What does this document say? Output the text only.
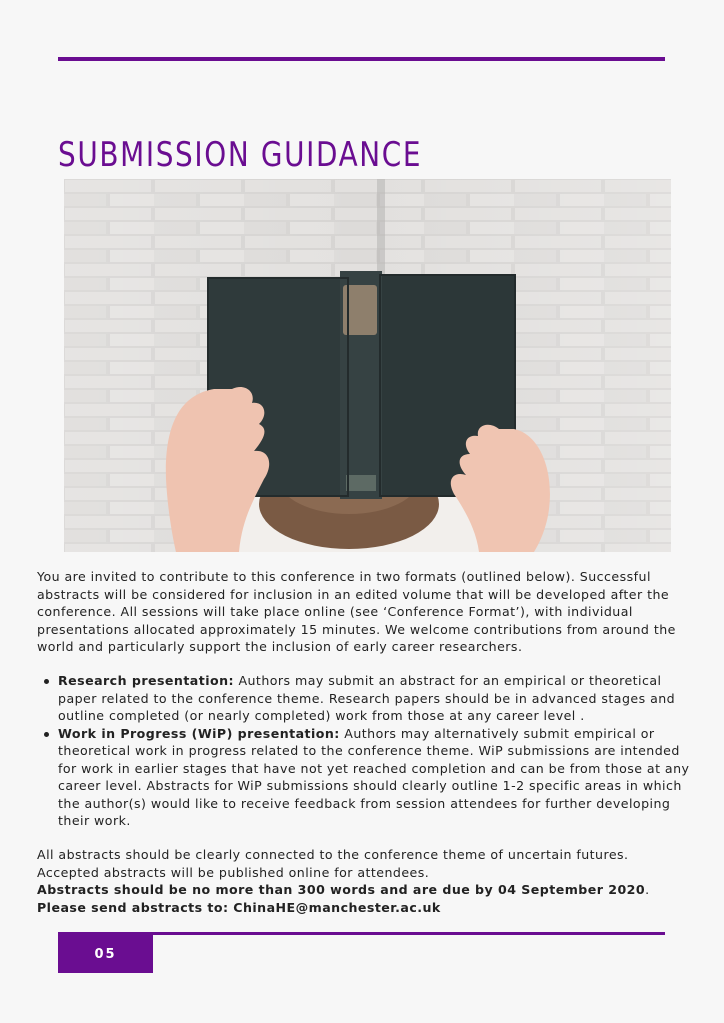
SUBMISSION GUIDANCE

You are invited to contribute to this conference in two formats (outlined below). Successful abstracts will be considered for inclusion in an edited volume that will be developed after the conference. All sessions will take place online (see ‘Conference Format’), with individual presentations allocated approximately 15 minutes. We welcome contributions from around the world and particularly support the inclusion of early career researchers.

Research presentation: Authors may submit an abstract for an empirical or theoretical paper related to the conference theme. Research papers should be in advanced stages and outline completed (or nearly completed) work from those at any career level .
Work in Progress (WiP) presentation: Authors may alternatively submit empirical or theoretical work in progress related to the conference theme. WiP submissions are intended for work in earlier stages that have not yet reached completion and can be from those at any career level. Abstracts for WiP submissions should clearly outline 1-2 specific areas in which the author(s) would like to receive feedback from session attendees for further developing their work.
All abstracts should be clearly connected to the conference theme of uncertain futures.
Accepted abstracts will be published online for attendees.
Abstracts should be no more than 300 words and are due by 04 September 2020.
Please send abstracts to: ChinaHE@manchester.ac.uk
05
